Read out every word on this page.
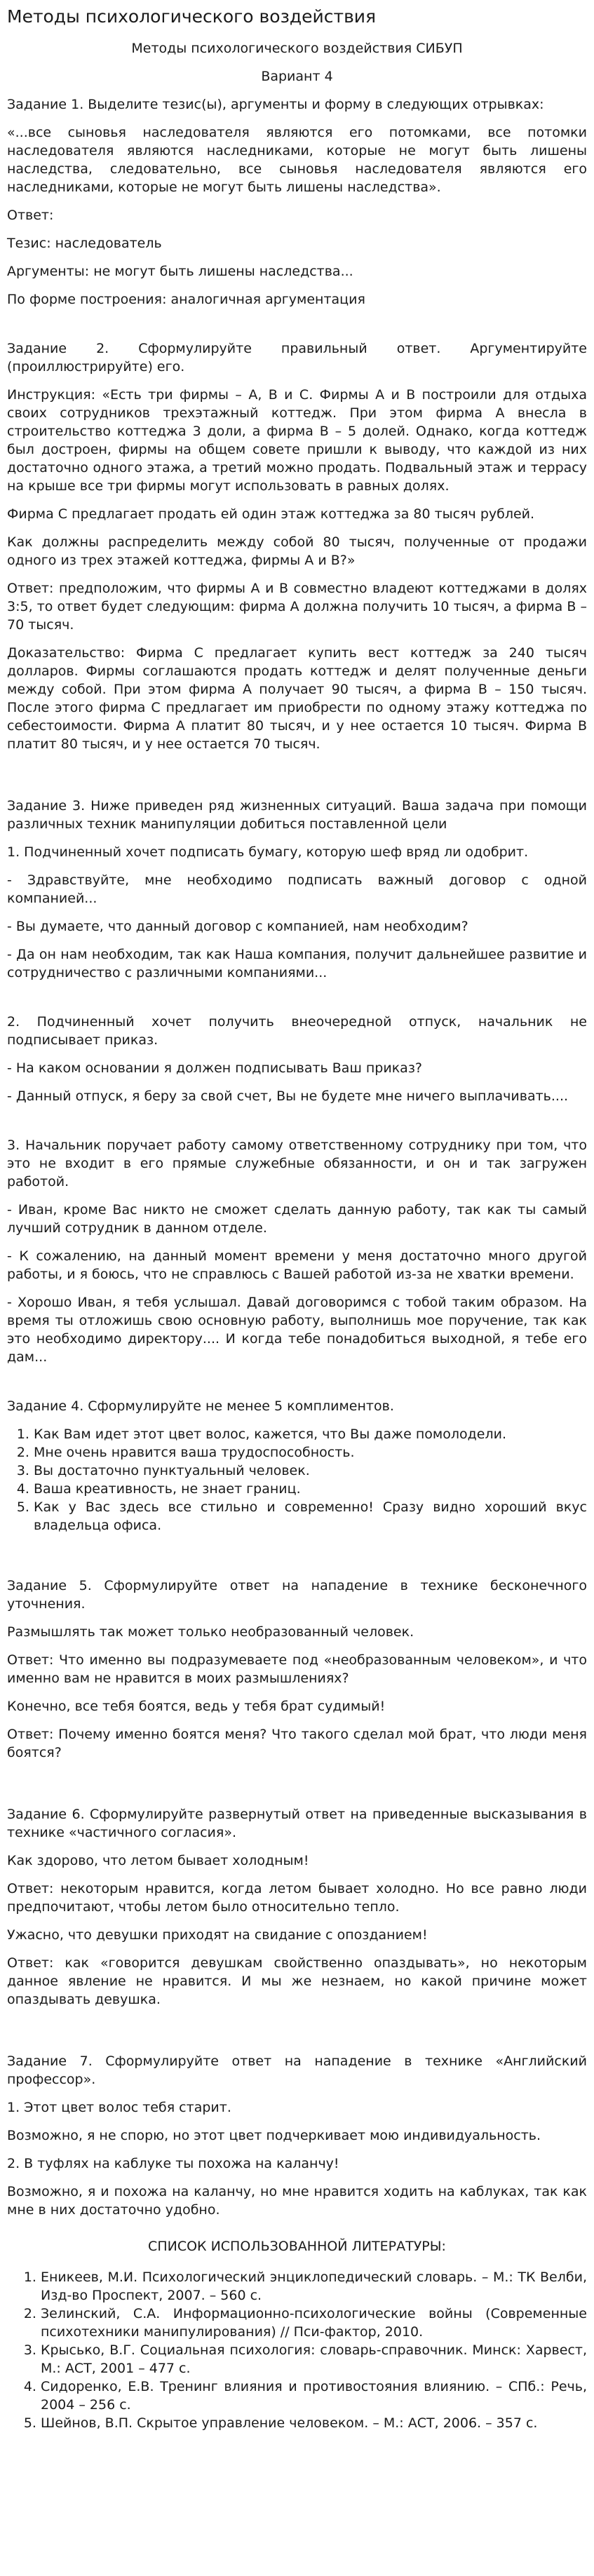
Методы психологического воздействия

Методы психологического воздействия СИБУП

Вариант 4

Задание 1. Выделите тезис(ы), аргументы и форму в следующих отрывках:

«...все сыновья наследователя являются его потомками, все потомки наследователя являются наследниками, которые не могут быть лишены наследства, следовательно, все сыновья наследователя являются его наследниками, которые не могут быть лишены наследства».

Ответ:

Тезис: наследователь

Аргументы: не могут быть лишены наследства...

По форме построения: аналогичная аргументация

Задание 2. Сформулируйте правильный ответ. Аргументируйте (проиллюстрируйте) его.

Инструкция: «Есть три фирмы – А, В и С. Фирмы А и В построили для отдыха своих сотрудников трехэтажный коттедж. При этом фирма А внесла в строительство коттеджа 3 доли, а фирма В – 5 долей. Однако, когда коттедж был достроен, фирмы на общем совете пришли к выводу, что каждой из них достаточно одного этажа, а третий можно продать. Подвальный этаж и террасу на крыше все три фирмы могут использовать в равных долях.

Фирма С предлагает продать ей один этаж коттеджа за 80 тысяч рублей.

Как должны распределить между собой 80 тысяч, полученные от продажи одного из трех этажей коттеджа, фирмы А и В?»

Ответ: предположим, что фирмы А и В совместно владеют коттеджами в долях 3:5, то ответ будет следующим: фирма А должна получить 10 тысяч, а фирма В – 70 тысяч.

Доказательство: Фирма С предлагает купить вест коттедж за 240 тысяч долларов. Фирмы соглашаются продать коттедж и делят полученные деньги между собой. При этом фирма А получает 90 тысяч, а фирма В – 150 тысяч. После этого фирма С предлагает им приобрести по одному этажу коттеджа по себестоимости. Фирма А платит 80 тысяч, и у нее остается 10 тысяч. Фирма В платит 80 тысяч, и у нее остается 70 тысяч.

Задание 3. Ниже приведен ряд жизненных ситуаций. Ваша задача при помощи различных техник манипуляции добиться поставленной цели

1. Подчиненный хочет подписать бумагу, которую шеф вряд ли одобрит.

- Здравствуйте, мне необходимо подписать важный договор с одной компанией...

- Вы думаете, что данный договор с компанией, нам необходим?

- Да он нам необходим, так как Наша компания, получит дальнейшее развитие и сотрудничество с различными компаниями...

2. Подчиненный хочет получить внеочередной отпуск, начальник не подписывает приказ.

- На каком основании я должен подписывать Ваш приказ?

- Данный отпуск, я беру за свой счет, Вы не будете мне ничего выплачивать....

3. Начальник поручает работу самому ответственному сотруднику при том, что это не входит в его прямые служебные обязанности, и он и так загружен работой.

- Иван, кроме Вас никто не сможет сделать данную работу, так как ты самый лучший сотрудник в данном отделе.

- К сожалению, на данный момент времени у меня достаточно много другой работы, и я боюсь, что не справлюсь с Вашей работой из-за не хватки времени.

- Хорошо Иван, я тебя услышал. Давай договоримся с тобой таким образом. На время ты отложишь свою основную работу, выполнишь мое поручение, так как это необходимо директору.... И когда тебе понадобиться выходной, я тебе его дам...

Задание 4. Сформулируйте не менее 5 комплиментов.

1. Как Вам идет этот цвет волос, кажется, что Вы даже помолодели.
2. Мне очень нравится ваша трудоспособность.
3. Вы достаточно пунктуальный человек.
4. Ваша креативность, не знает границ.
5. Как у Вас здесь все стильно и современно! Сразу видно хороший вкус владельца офиса.

Задание 5. Сформулируйте ответ на нападение в технике бесконечного уточнения.

Размышлять так может только необразованный человек.

Ответ: Что именно вы подразумеваете под «необразованным человеком», и что именно вам не нравится в моих размышлениях?

Конечно, все тебя боятся, ведь у тебя брат судимый!

Ответ: Почему именно боятся меня? Что такого сделал мой брат, что люди меня боятся?

Задание 6. Сформулируйте развернутый ответ на приведенные высказывания в технике «частичного согласия».

Как здорово, что летом бывает холодным!

Ответ: некоторым нравится, когда летом бывает холодно. Но все равно люди предпочитают, чтобы летом было относительно тепло.

Ужасно, что девушки приходят на свидание с опозданием!

Ответ: как «говорится девушкам свойственно опаздывать», но некоторым данное явление не нравится. И мы же незнаем, но какой причине может опаздывать девушка.

Задание 7. Сформулируйте ответ на нападение в технике «Английский профессор».

1. Этот цвет волос тебя старит.

Возможно, я не спорю, но этот цвет подчеркивает мою индивидуальность.

2. В туфлях на каблуке ты похожа на каланчу!

Возможно, я и похожа на каланчу, но мне нравится ходить на каблуках, так как мне в них достаточно удобно.

СПИСОК ИСПОЛЬЗОВАННОЙ ЛИТЕРАТУРЫ:

1. Еникеев, М.И. Психологический энциклопедический словарь. – М.: ТК Велби, Изд-во Проспект, 2007. – 560 с.
2. Зелинский, С.А. Информационно-психологические войны (Современные психотехники манипулирования) // Пси-фактор, 2010.
3. Крысько, В.Г. Социальная психология: словарь-справочник. Минск: Харвест, М.: АСТ, 2001 – 477 с.
4. Сидоренко, Е.В. Тренинг влияния и противостояния влиянию. – СПб.: Речь, 2004 – 256 с.
5. Шейнов, В.П. Скрытое управление человеком. – М.: АСТ, 2006. – 357 с.
